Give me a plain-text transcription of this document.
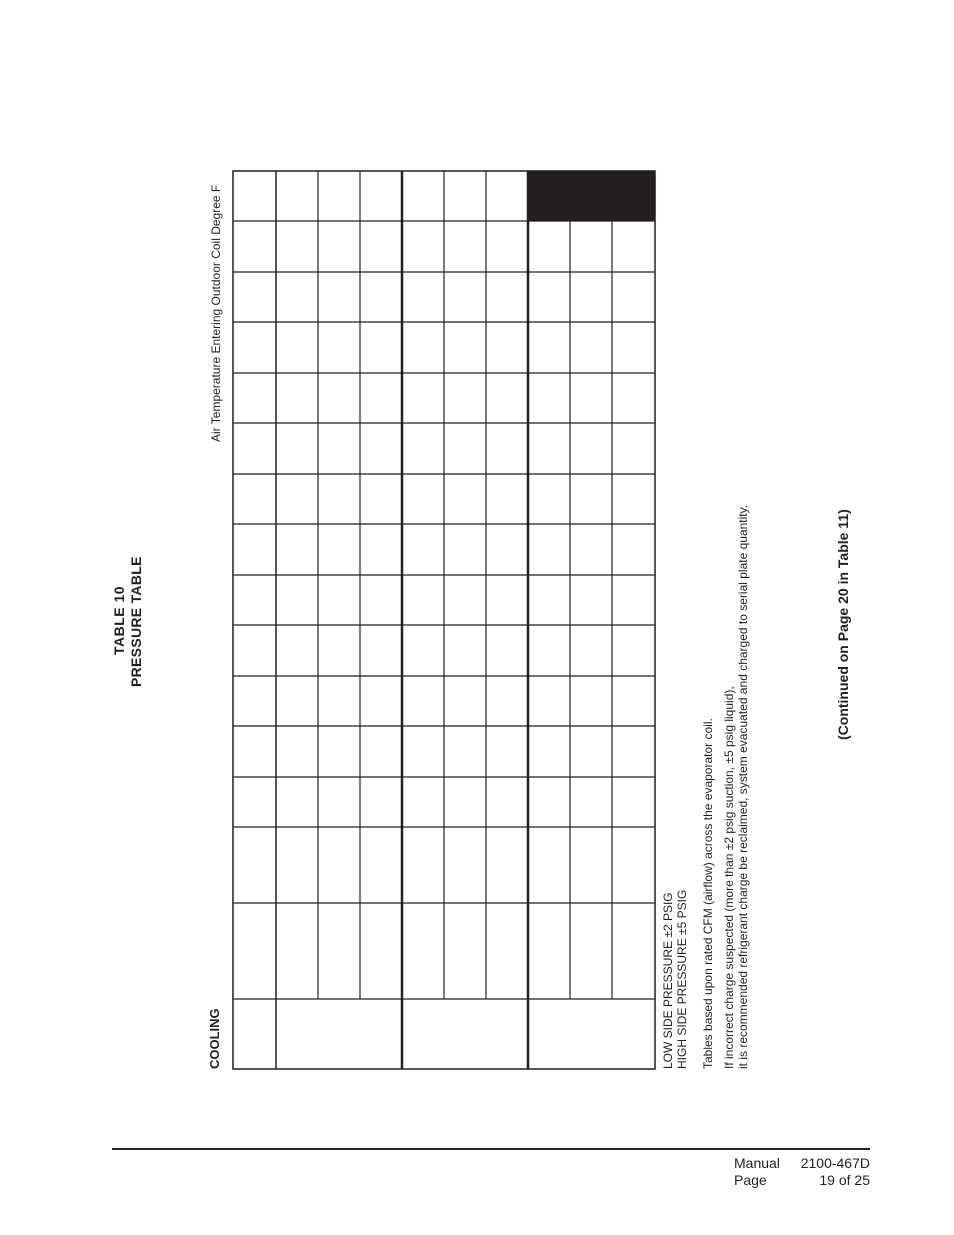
TABLE 10 PRESSURE TABLE
COOLING
Air Temperature Entering Outdoor Coil Degree F
LOW SIDE PRESSURE ±2 PSIG HIGH SIDE PRESSURE ±5 PSIG Tables based upon rated CFM (airflow) across the evaporator coil. If incorrect charge suspected (more than ±2 psig suction, ±5 psig liquid), it is recommended refrigerant charge be reclaimed, system evacuated and charged to serial plate quantity.	(Continued on Page 20 in Table 11)
Manual 2100-467D
Page	19 of 25
